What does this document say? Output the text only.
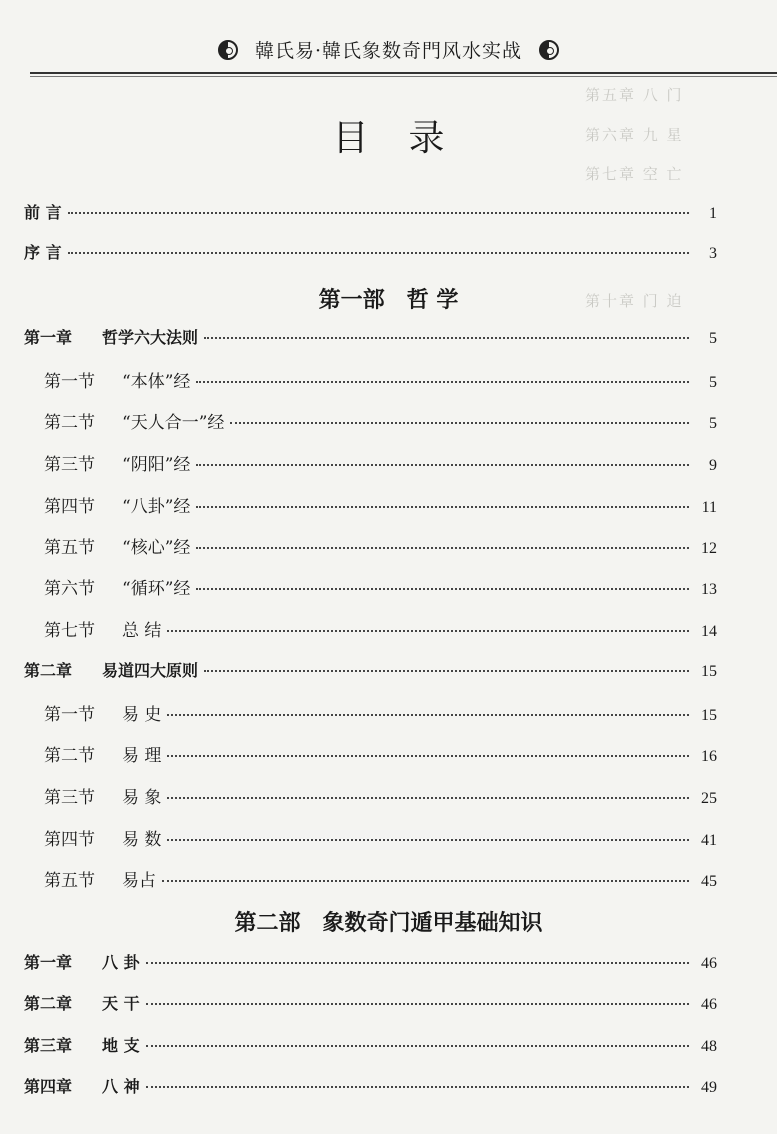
第五章 八 门
第六章 九 星
第七章 空 亡
第十章 门 迫
韓氏易·韓氏象数奇門风水实战
目录
前 言	1
序 言	3
第一部 哲 学
第一章 哲学六大法则	5
第一节 “本体”经	5
第二节 “天人合一”经	5
第三节 “阴阳”经	9
第四节 “八卦”经	11
第五节 “核心”经	12
第六节 “循环”经	13
第七节 总 结	14
第二章 易道四大原则	15
第一节 易 史	15
第二节 易 理	16
第三节 易 象	25
第四节 易 数	41
第五节 易占	45
第二部 象数奇门遁甲基础知识
第一章 八 卦	46
第二章 天 干	46
第三章 地 支	48
第四章 八 神	49
